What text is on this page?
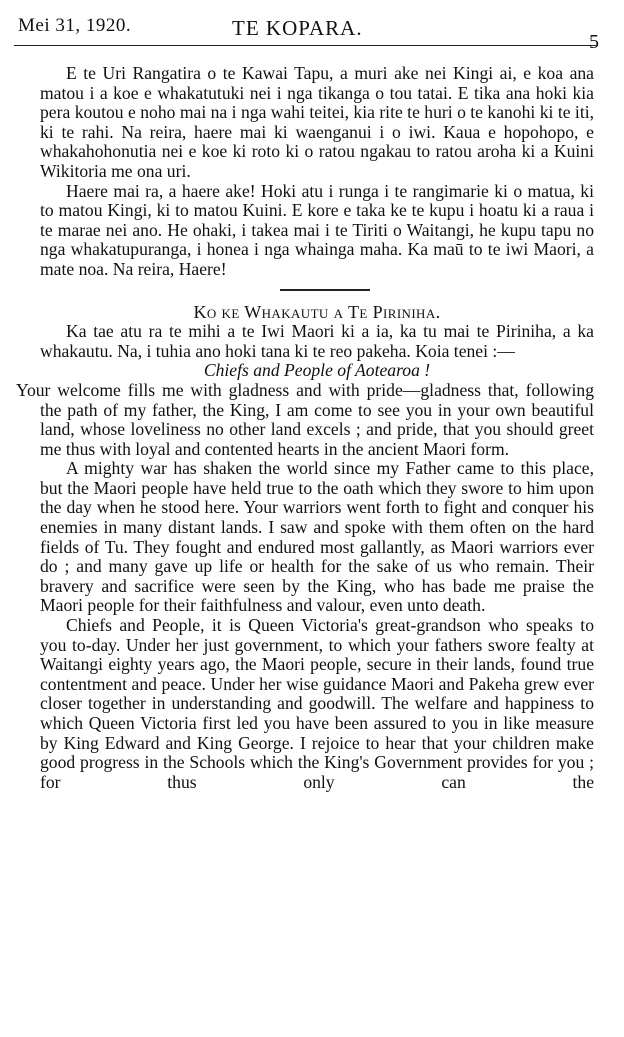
Mei 31, 1920.	TE KOPARA.
5

E te Uri Rangatira o te Kawai Tapu, a muri ake nei Kingi ai, e koa ana matou i a koe e whakatutuki nei i nga tikanga o tou tatai. E tika ana hoki kia pera koutou e noho mai na i nga wahi teitei, kia rite te huri o te kanohi ki te iti, ki te rahi. Na reira, haere mai ki waenganui i o iwi. Kaua e hopohopo, e whakahohonutia nei e koe ki roto ki o ratou ngakau to ratou aroha ki a Kuini Wikitoria me ona uri.

Haere mai ra, a haere ake! Hoki atu i runga i te rangimarie ki o matua, ki to matou Kingi, ki to matou Kuini. E kore e taka ke te kupu i hoatu ki a raua i te marae nei ano. He ohaki, i takea mai i te Tiriti o Waitangi, he kupu tapu no nga whakatupuranga, i honea i nga whainga maha. Ka maū to te iwi Maori, a mate noa. Na reira, Haere!

Ko ke Whakautu a Te Piriniha.

Ka tae atu ra te mihi a te Iwi Maori ki a ia, ka tu mai te Piriniha, a ka whakautu. Na, i tuhia ano hoki tana ki te reo pakeha. Koia tenei :—

Chiefs and People of Aotearoa !

Your welcome fills me with gladness and with pride—gladness that, following the path of my father, the King, I am come to see you in your own beautiful land, whose loveliness no other land excels ; and pride, that you should greet me thus with loyal and contented hearts in the ancient Maori form.

A mighty war has shaken the world since my Father came to this place, but the Maori people have held true to the oath which they swore to him upon the day when he stood here. Your warriors went forth to fight and conquer his enemies in many distant lands. I saw and spoke with them often on the hard fields of Tu. They fought and endured most gallantly, as Maori warriors ever do ; and many gave up life or health for the sake of us who remain. Their bravery and sacrifice were seen by the King, who has bade me praise the Maori people for their faithfulness and valour, even unto death.

Chiefs and People, it is Queen Victoria's great-grandson who speaks to you to-day. Under her just government, to which your fathers swore fealty at Waitangi eighty years ago, the Maori people, secure in their lands, found true contentment and peace. Under her wise guidance Maori and Pakeha grew ever closer together in understanding and goodwill. The welfare and happiness to which Queen Victoria first led you have been assured to you in like measure by King Edward and King George. I rejoice to hear that your children make good progress in the Schools which the King's Government provides for you ; for thus only can the
